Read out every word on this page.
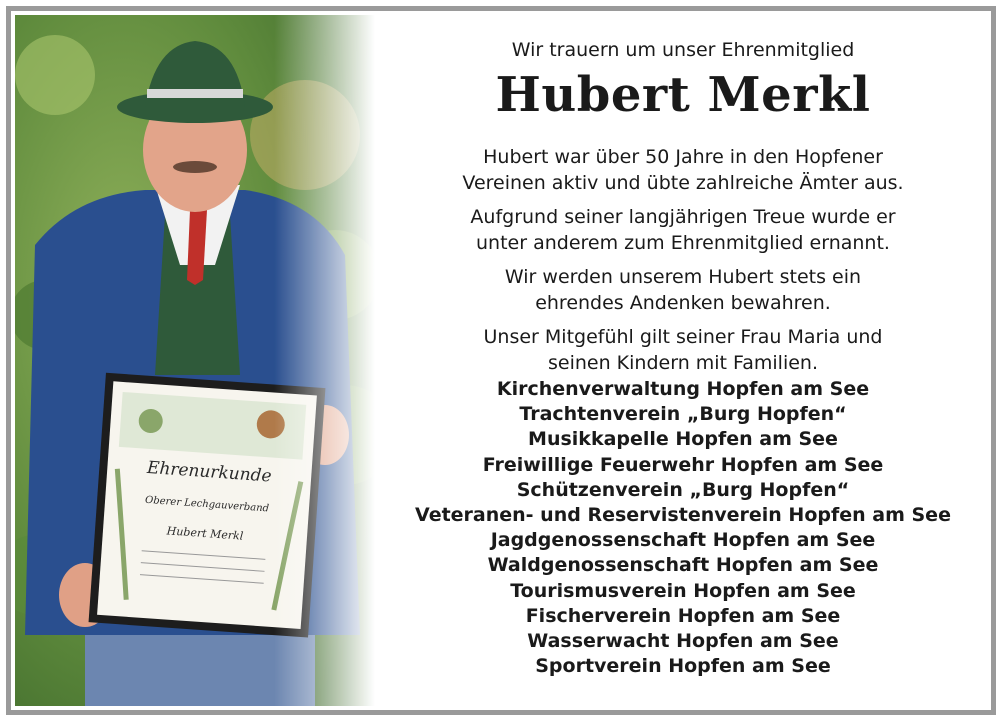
Wir trauern um unser Ehrenmitglied
Hubert Merkl
Hubert war über 50 Jahre in den Hopfener
Vereinen aktiv und übte zahlreiche Ämter aus.
Aufgrund seiner langjährigen Treue wurde er
unter anderem zum Ehrenmitglied ernannt.
Wir werden unserem Hubert stets ein
ehrendes Andenken bewahren.
Unser Mitgefühl gilt seiner Frau Maria und
seinen Kindern mit Familien.
Kirchenverwaltung Hopfen am See
Trachtenverein „Burg Hopfen“
Musikkapelle Hopfen am See
Freiwillige Feuerwehr Hopfen am See
Schützenverein „Burg Hopfen“
Veteranen- und Reservistenverein Hopfen am See
Jagdgenossenschaft Hopfen am See
Waldgenossenschaft Hopfen am See
Tourismusverein Hopfen am See
Fischerverein Hopfen am See
Wasserwacht Hopfen am See
Sportverein Hopfen am See
